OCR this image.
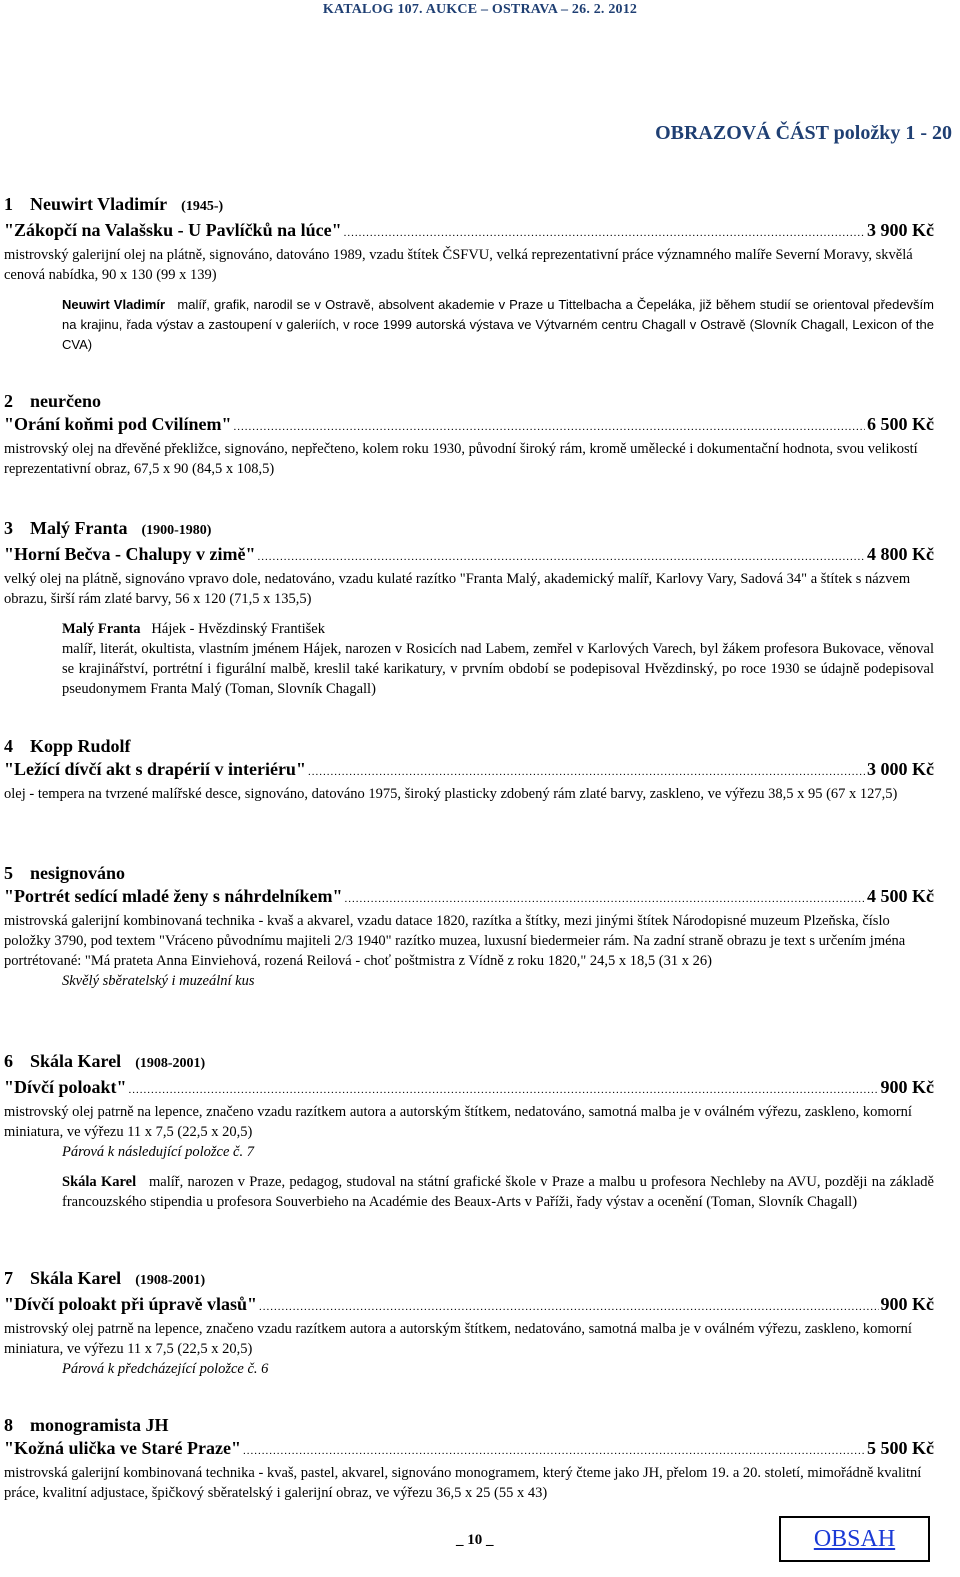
KATALOG 107. AUKCE – OSTRAVA – 26. 2. 2012
OBRAZOVÁ ČÁST položky 1 - 20
1 Neuwirt Vladimír (1945-)
"Zákopčí na Valašsku - U Pavlíčků na lúce" .....	3 900 Kč
mistrovský galerijní olej na plátně, signováno, datováno 1989, vzadu štítek ČSFVU, velká reprezentativní práce významného malíře Severní Moravy, skvělá cenová nabídka, 90 x 130 (99 x 139)
Neuwirt Vladimír malíř, grafik, narodil se v Ostravě, absolvent akademie v Praze u Tittelbacha a Čepeláka, již během studií se orientoval především na krajinu, řada výstav a zastoupení v galeriích, v roce 1999 autorská výstava ve Výtvarném centru Chagall v Ostravě (Slovník Chagall, Lexicon of the CVA)
2 neurčeno
"Orání koňmi pod Cvilínem" .....	6 500 Kč
mistrovský olej na dřevěné překližce, signováno, nepřečteno, kolem roku 1930, původní široký rám, kromě umělecké i dokumentační hodnota, svou velikostí reprezentativní obraz, 67,5 x 90 (84,5 x 108,5)
3 Malý Franta (1900-1980)
"Horní Bečva - Chalupy v zimě" .....	4 800 Kč
velký olej na plátně, signováno vpravo dole, nedatováno, vzadu kulaté razítko "Franta Malý, akademický malíř, Karlovy Vary, Sadová 34" a štítek s názvem obrazu, širší rám zlaté barvy, 56 x 120 (71,5 x 135,5)
Malý Franta Hájek - Hvězdinský František
malíř, literát, okultista, vlastním jménem Hájek, narozen v Rosicích nad Labem, zemřel v Karlových Varech, byl žákem profesora Bukovace, věnoval se krajinářství, portrétní i figurální malbě, kreslil také karikatury, v prvním období se podepisoval Hvězdinský, po roce 1930 se údajně podepisoval pseudonymem Franta Malý (Toman, Slovník Chagall)
4 Kopp Rudolf
"Ležící dívčí akt s drapérií v interiéru" .....	3 000 Kč
olej - tempera na tvrzené malířské desce, signováno, datováno 1975, široký plasticky zdobený rám zlaté barvy, zaskleno, ve výřezu 38,5 x 95 (67 x 127,5)
5 nesignováno
"Portrét sedící mladé ženy s náhrdelníkem" .....	4 500 Kč
mistrovská galerijní kombinovaná technika - kvaš a akvarel, vzadu datace 1820, razítka a štítky, mezi jinými štítek Národopisné muzeum Plzeňska, číslo položky 3790, pod textem "Vráceno původnímu majiteli 2/3 1940" razítko muzea, luxusní biedermeier rám. Na zadní straně obrazu je text s určením jména portrétované: "Má prateta Anna Einviehová, rozená Reilová - choť poštmistra z Vídně z roku 1820," 24,5 x 18,5 (31 x 26)
Skvělý sběratelský i muzeální kus
6 Skála Karel (1908-2001)
"Dívčí poloakt" .....	900 Kč
mistrovský olej patrně na lepence, značeno vzadu razítkem autora a autorským štítkem, nedatováno, samotná malba je v oválném výřezu, zaskleno, komorní miniatura, ve výřezu 11 x 7,5 (22,5 x 20,5)
Párová k následující položce č. 7
Skála Karel malíř, narozen v Praze, pedagog, studoval na státní grafické škole v Praze a malbu u profesora Nechleby na AVU, později na základě francouzského stipendia u profesora Souverbieho na Académie des Beaux-Arts v Paříži, řady výstav a ocenění (Toman, Slovník Chagall)
7 Skála Karel (1908-2001)
"Dívčí poloakt při úpravě vlasů" .....	900 Kč
mistrovský olej patrně na lepence, značeno vzadu razítkem autora a autorským štítkem, nedatováno, samotná malba je v oválném výřezu, zaskleno, komorní miniatura, ve výřezu 11 x 7,5 (22,5 x 20,5)
Párová k předcházející položce č. 6
8 monogramista JH
"Kožná ulička ve Staré Praze" .....	5 500 Kč
mistrovská galerijní kombinovaná technika - kvaš, pastel, akvarel, signováno monogramem, který čteme jako JH, přelom 19. a 20. století, mimořádně kvalitní práce, kvalitní adjustace, špičkový sběratelský i galerijní obraz, ve výřezu 36,5 x 25 (55 x 43)
_ 10 _	OBSAH
